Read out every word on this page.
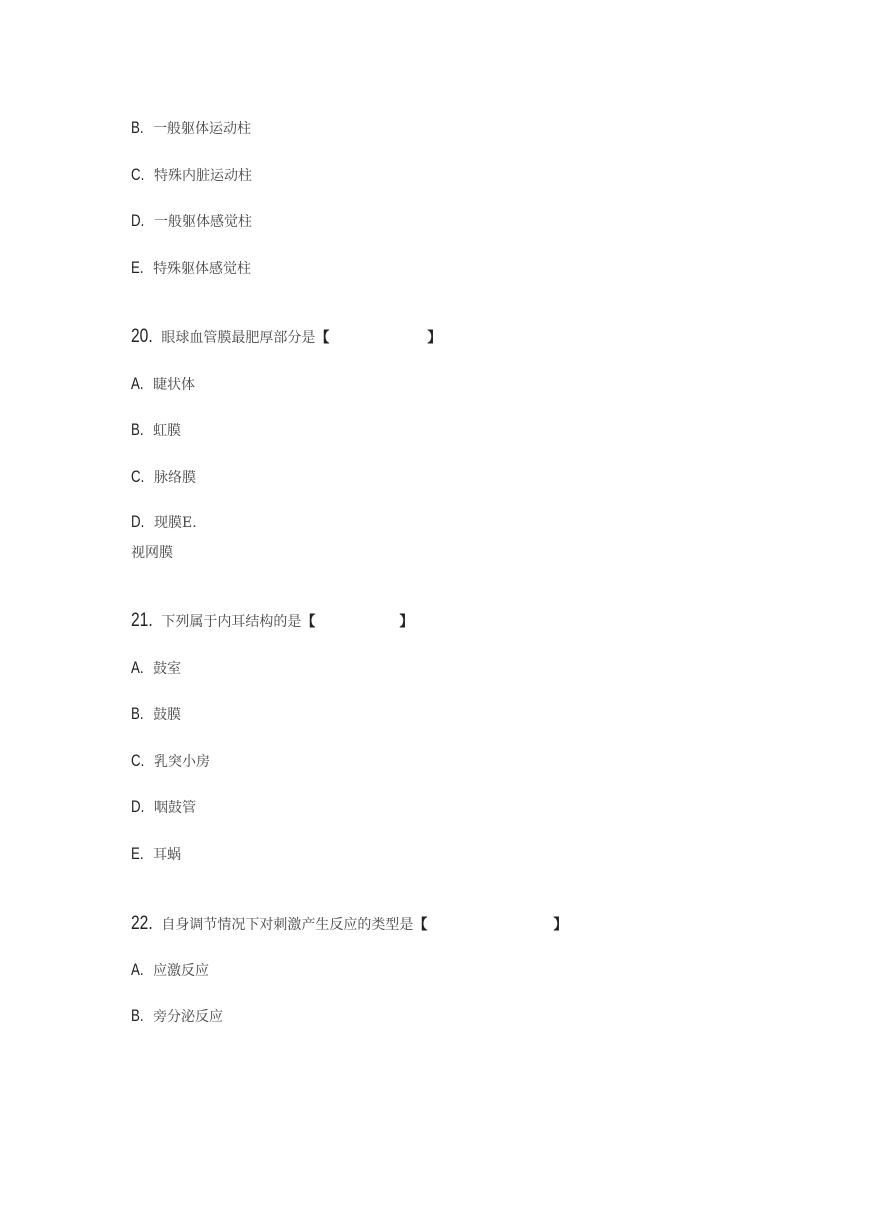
B. 一般躯体运动柱
C. 特殊内脏运动柱
D. 一般躯体感觉柱
E. 特殊躯体感觉柱
20. 眼球血管膜最肥厚部分是【	】
A. 睫状体
B. 虹膜
C. 脉络膜
D. 现膜E.
视网膜
21. 下列属于内耳结构的是【	】
A. 鼓室
B. 鼓膜
C. 乳突小房
D. 咽鼓管
E. 耳蜗
22. 自身调节情况下对刺激产生反应的类型是【	】
A. 应激反应
B. 旁分泌反应
